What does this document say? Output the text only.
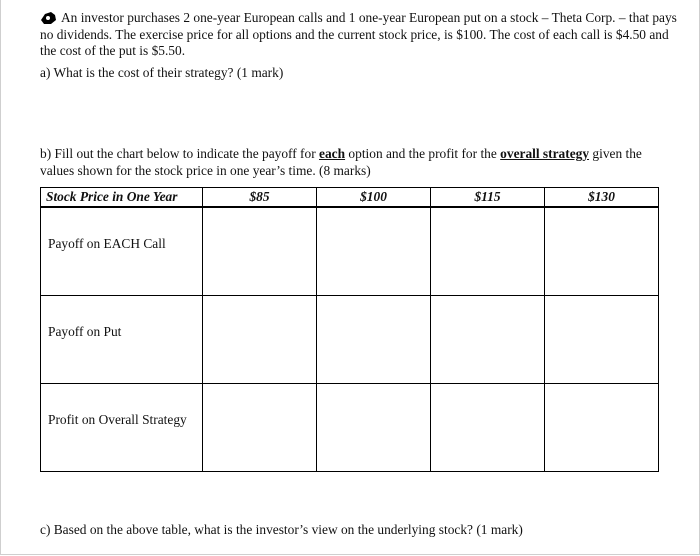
An investor purchases 2 one-year European calls and 1 one-year European put on a stock – Theta Corp. – that pays no dividends. The exercise price for all options and the current stock price, is $100. The cost of each call is $4.50 and the cost of the put is $5.50.
a) What is the cost of their strategy? (1 mark)
b) Fill out the chart below to indicate the payoff for each option and the profit for the overall strategy given the values shown for the stock price in one year’s time. (8 marks)
Stock Price in One Year	$85	$100	$115	$130
Payoff on EACH Call				
Payoff on Put				
Profit on Overall Strategy				
c) Based on the above table, what is the investor’s view on the underlying stock? (1 mark)
